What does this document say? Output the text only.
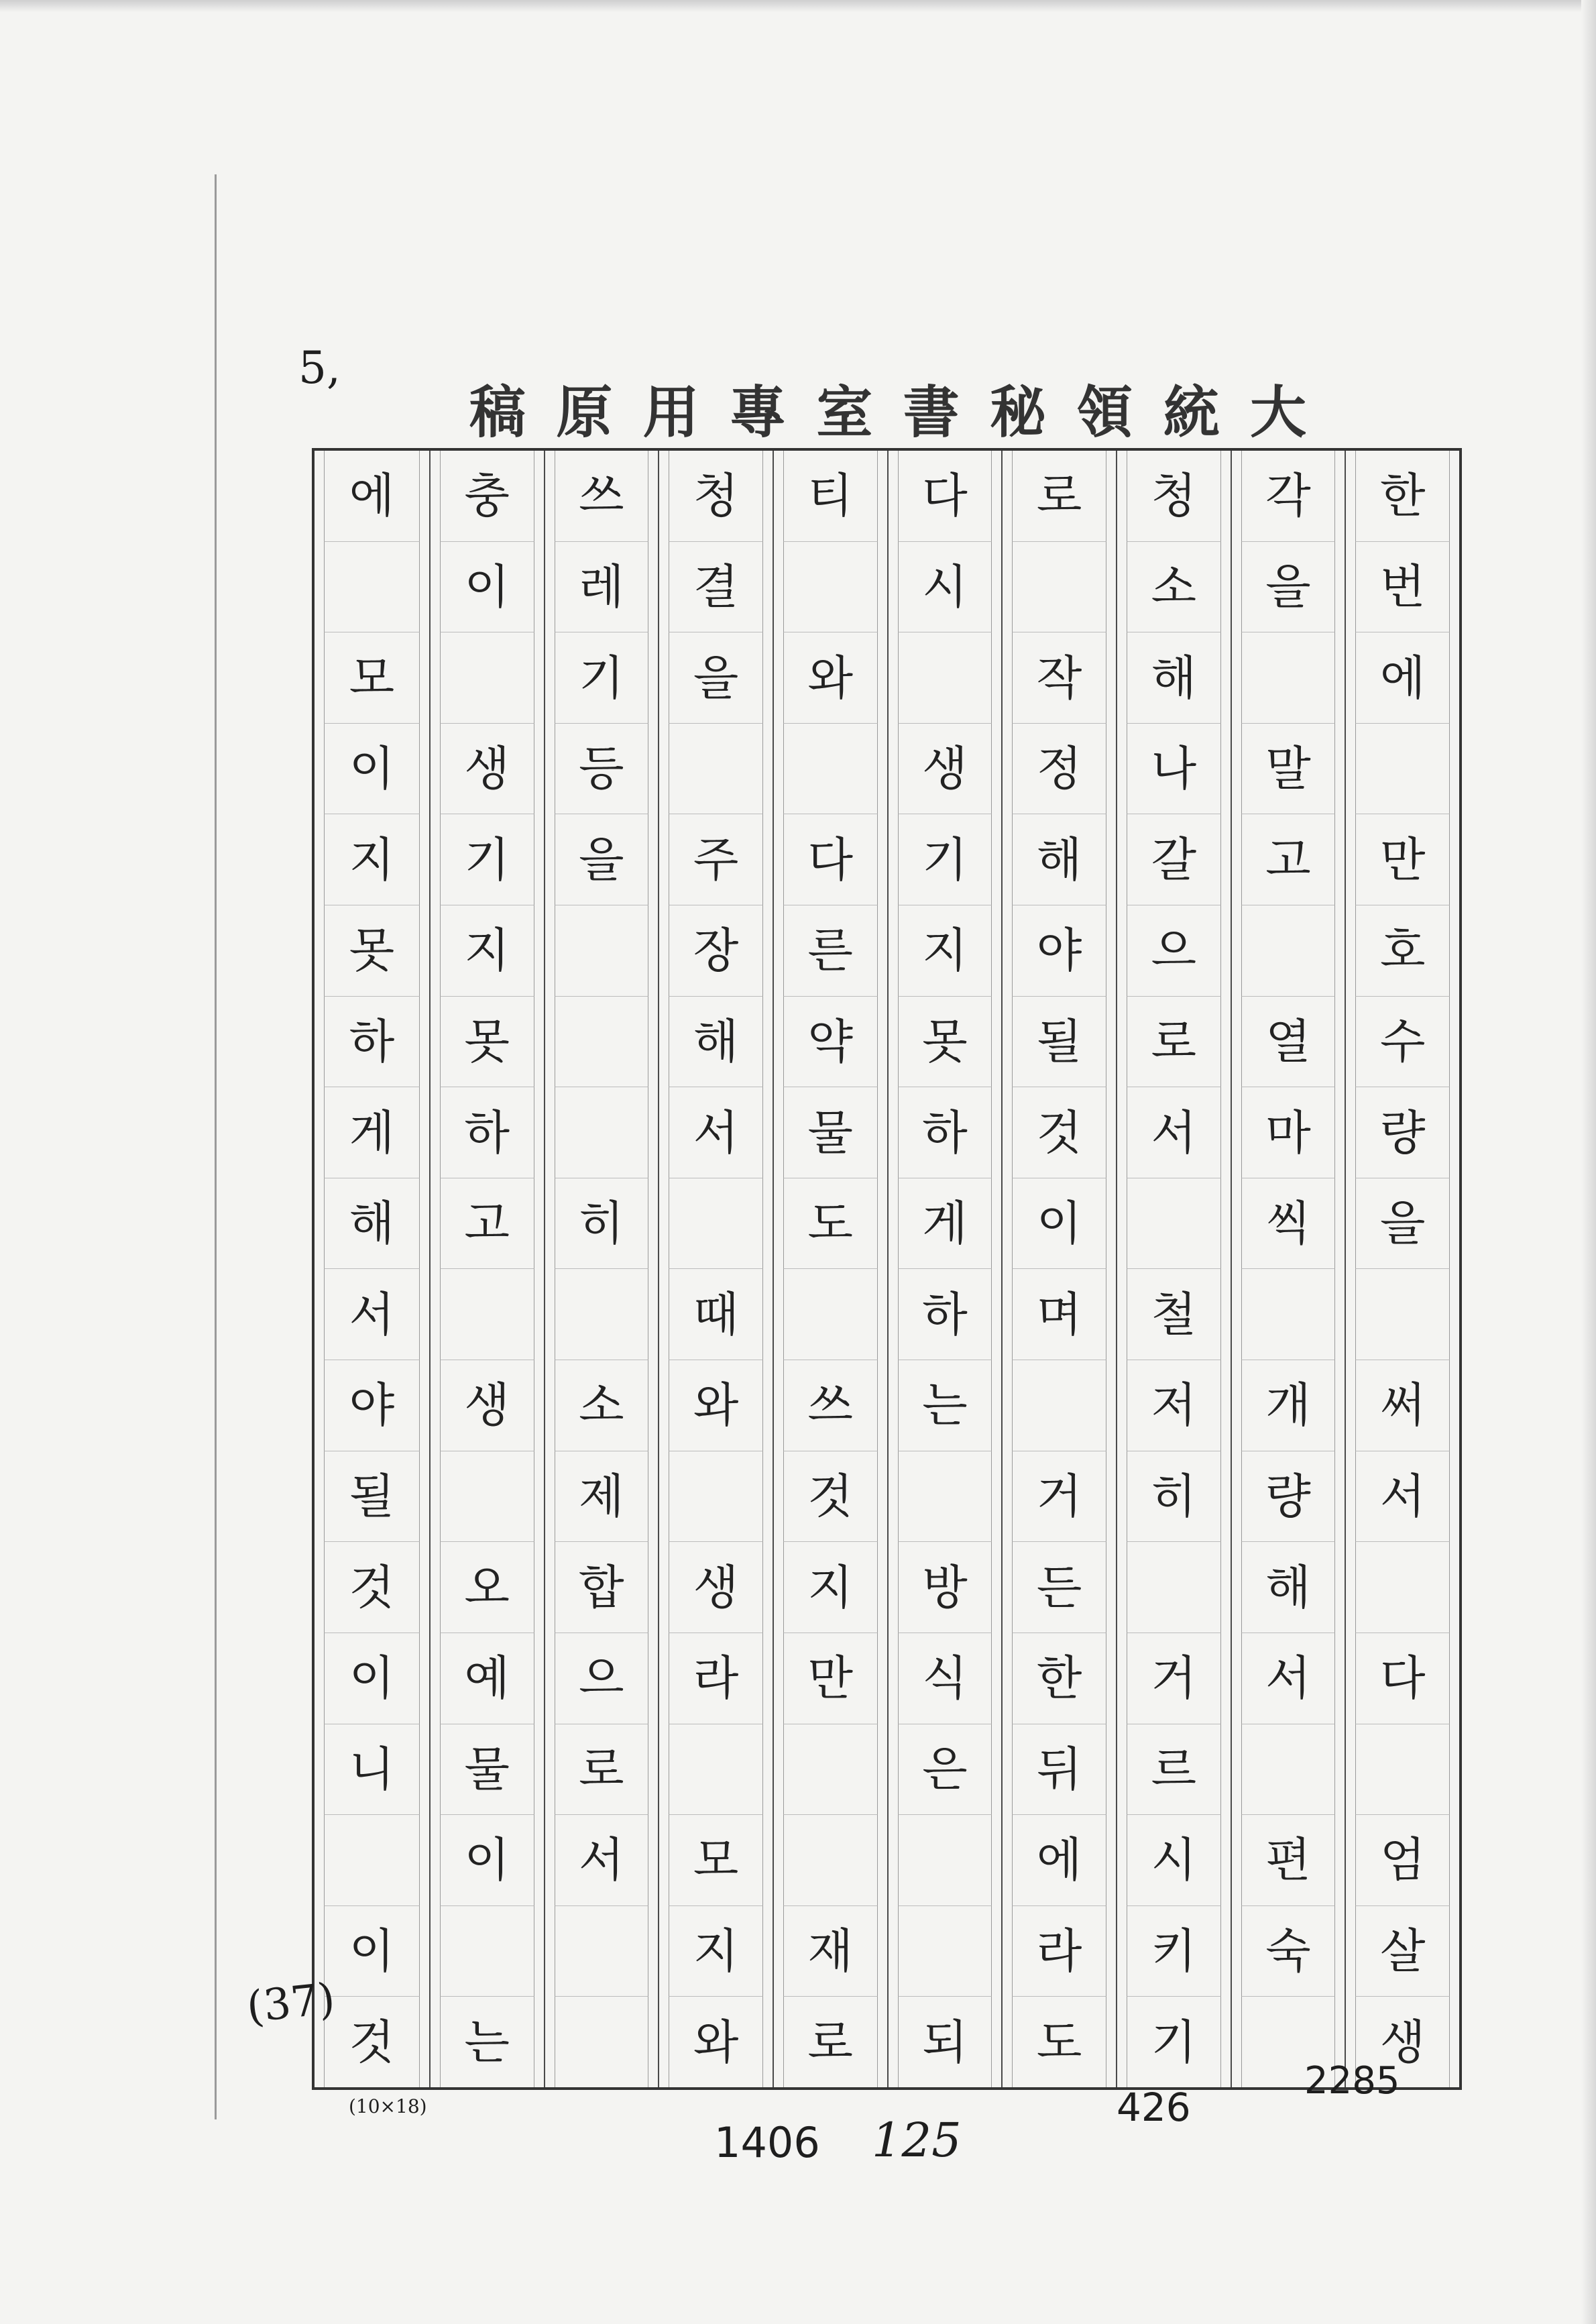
5,
大
統
領
秘
書
室
專
用
原
稿
한
번
에
만
호
수
량
을
써
서
다
엄
살
생
각
을
말
고
열
마
씩
개
량
해
서
편
숙
청
소
해
나
갈
으
로
서
철
저
히
거
르
시
키
기
로
작
정
해
야
될
것
이
며
거
든
한
뒤
에
라
도
다
시
생
기
지
못
하
게
하
는
방
식
은
되
티
와
다
른
약
물
도
쓰
것
지
만
재
로
청
결
을
주
장
해
서
때
와
생
라
모
지
와
쓰
레
기
등
을
히
소
제
합
으
로
서
충
이
생
기
지
못
하
고
생
오
예
물
이
는
에
모
이
지
못
하
게
해
서
야
될
것
이
니
이
것
(10×18)
1406 125
426
2285
(37)
